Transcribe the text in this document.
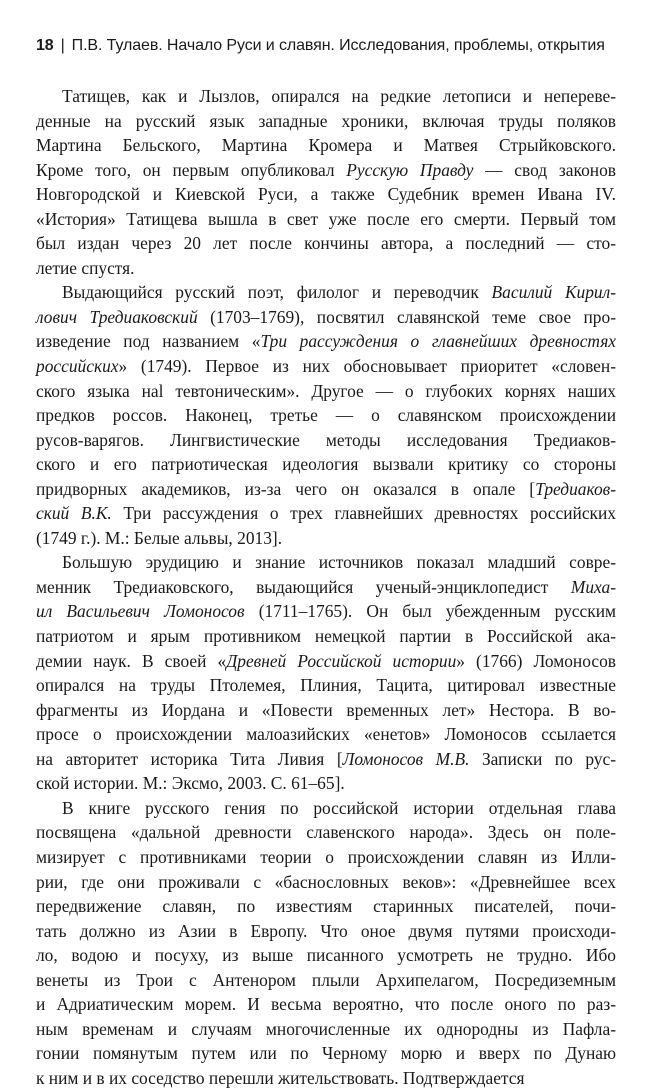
18 | П.В. Тулаев. Начало Руси и славян. Исследования, проблемы, открытия
Татищев, как и Лызлов, опирался на редкие летописи и непереве-
денные на русский язык западные хроники, включая труды поляков
Мартина Бельского, Мартина Кромера и Матвея Стрыйковского.
Кроме того, он первым опубликовал Русскую Правду — свод законов
Новгородской и Киевской Руси, а также Судебник времен Ивана IV.
«История» Татищева вышла в свет уже после его смерти. Первый том
был издан через 20 лет после кончины автора, а последний — сто-
летие спустя.
Выдающийся русский поэт, филолог и переводчик Василий Кирил-
лович Тредиаковский (1703–1769), посвятил славянской теме свое про-
изведение под названием «Три рассуждения о главнейших древностях
российских» (1749). Первое из них обосновывает приоритет «словен-
ского языка наl тевтоническим». Другое — о глубоких корнях наших
предков россов. Наконец, третье — о славянском происхождении
русов-варягов. Лингвистические методы исследования Тредиаков-
ского и его патриотическая идеология вызвали критику со стороны
придворных академиков, из-за чего он оказался в опале [Тредиаков-
ский В.К. Три рассуждения о трех главнейших древностях российских
(1749 г.). М.: Белые альвы, 2013].
Большую эрудицию и знание источников показал младший совре-
менник Тредиаковского, выдающийся ученый-энциклопедист Миха-
ил Васильевич Ломоносов (1711–1765). Он был убежденным русским
патриотом и ярым противником немецкой партии в Российской ака-
демии наук. В своей «Древней Российской истории» (1766) Ломоносов
опирался на труды Птолемея, Плиния, Тацита, цитировал известные
фрагменты из Иордана и «Повести временных лет» Нестора. В во-
просе о происхождении малоазийских «енетов» Ломоносов ссылается
на авторитет историка Тита Ливия [Ломоносов М.В. Записки по рус-
ской истории. М.: Эксмо, 2003. С. 61–65].
В книге русского гения по российской истории отдельная глава
посвящена «дальной древности славенского народа». Здесь он поле-
мизирует с противниками теории о происхождении славян из Илли-
рии, где они проживали с «баснословных веков»: «Древнейшее всех
передвижение славян, по известиям старинных писателей, почи-
тать должно из Азии в Европу. Что оное двумя путями происходи-
ло, водою и посуху, из выше писанного усмотреть не трудно. Ибо
венеты из Трои с Антенором плыли Архипелагом, Посредиземным
и Адриатическим морем. И весьма вероятно, что после оного по раз-
ным временам и случаям многочисленные их однородны из Пафла-
гонии помянутым путем или по Черному морю и вверх по Дунаю
к ним и в их соседство перешли жительствовать. Подтверждается
